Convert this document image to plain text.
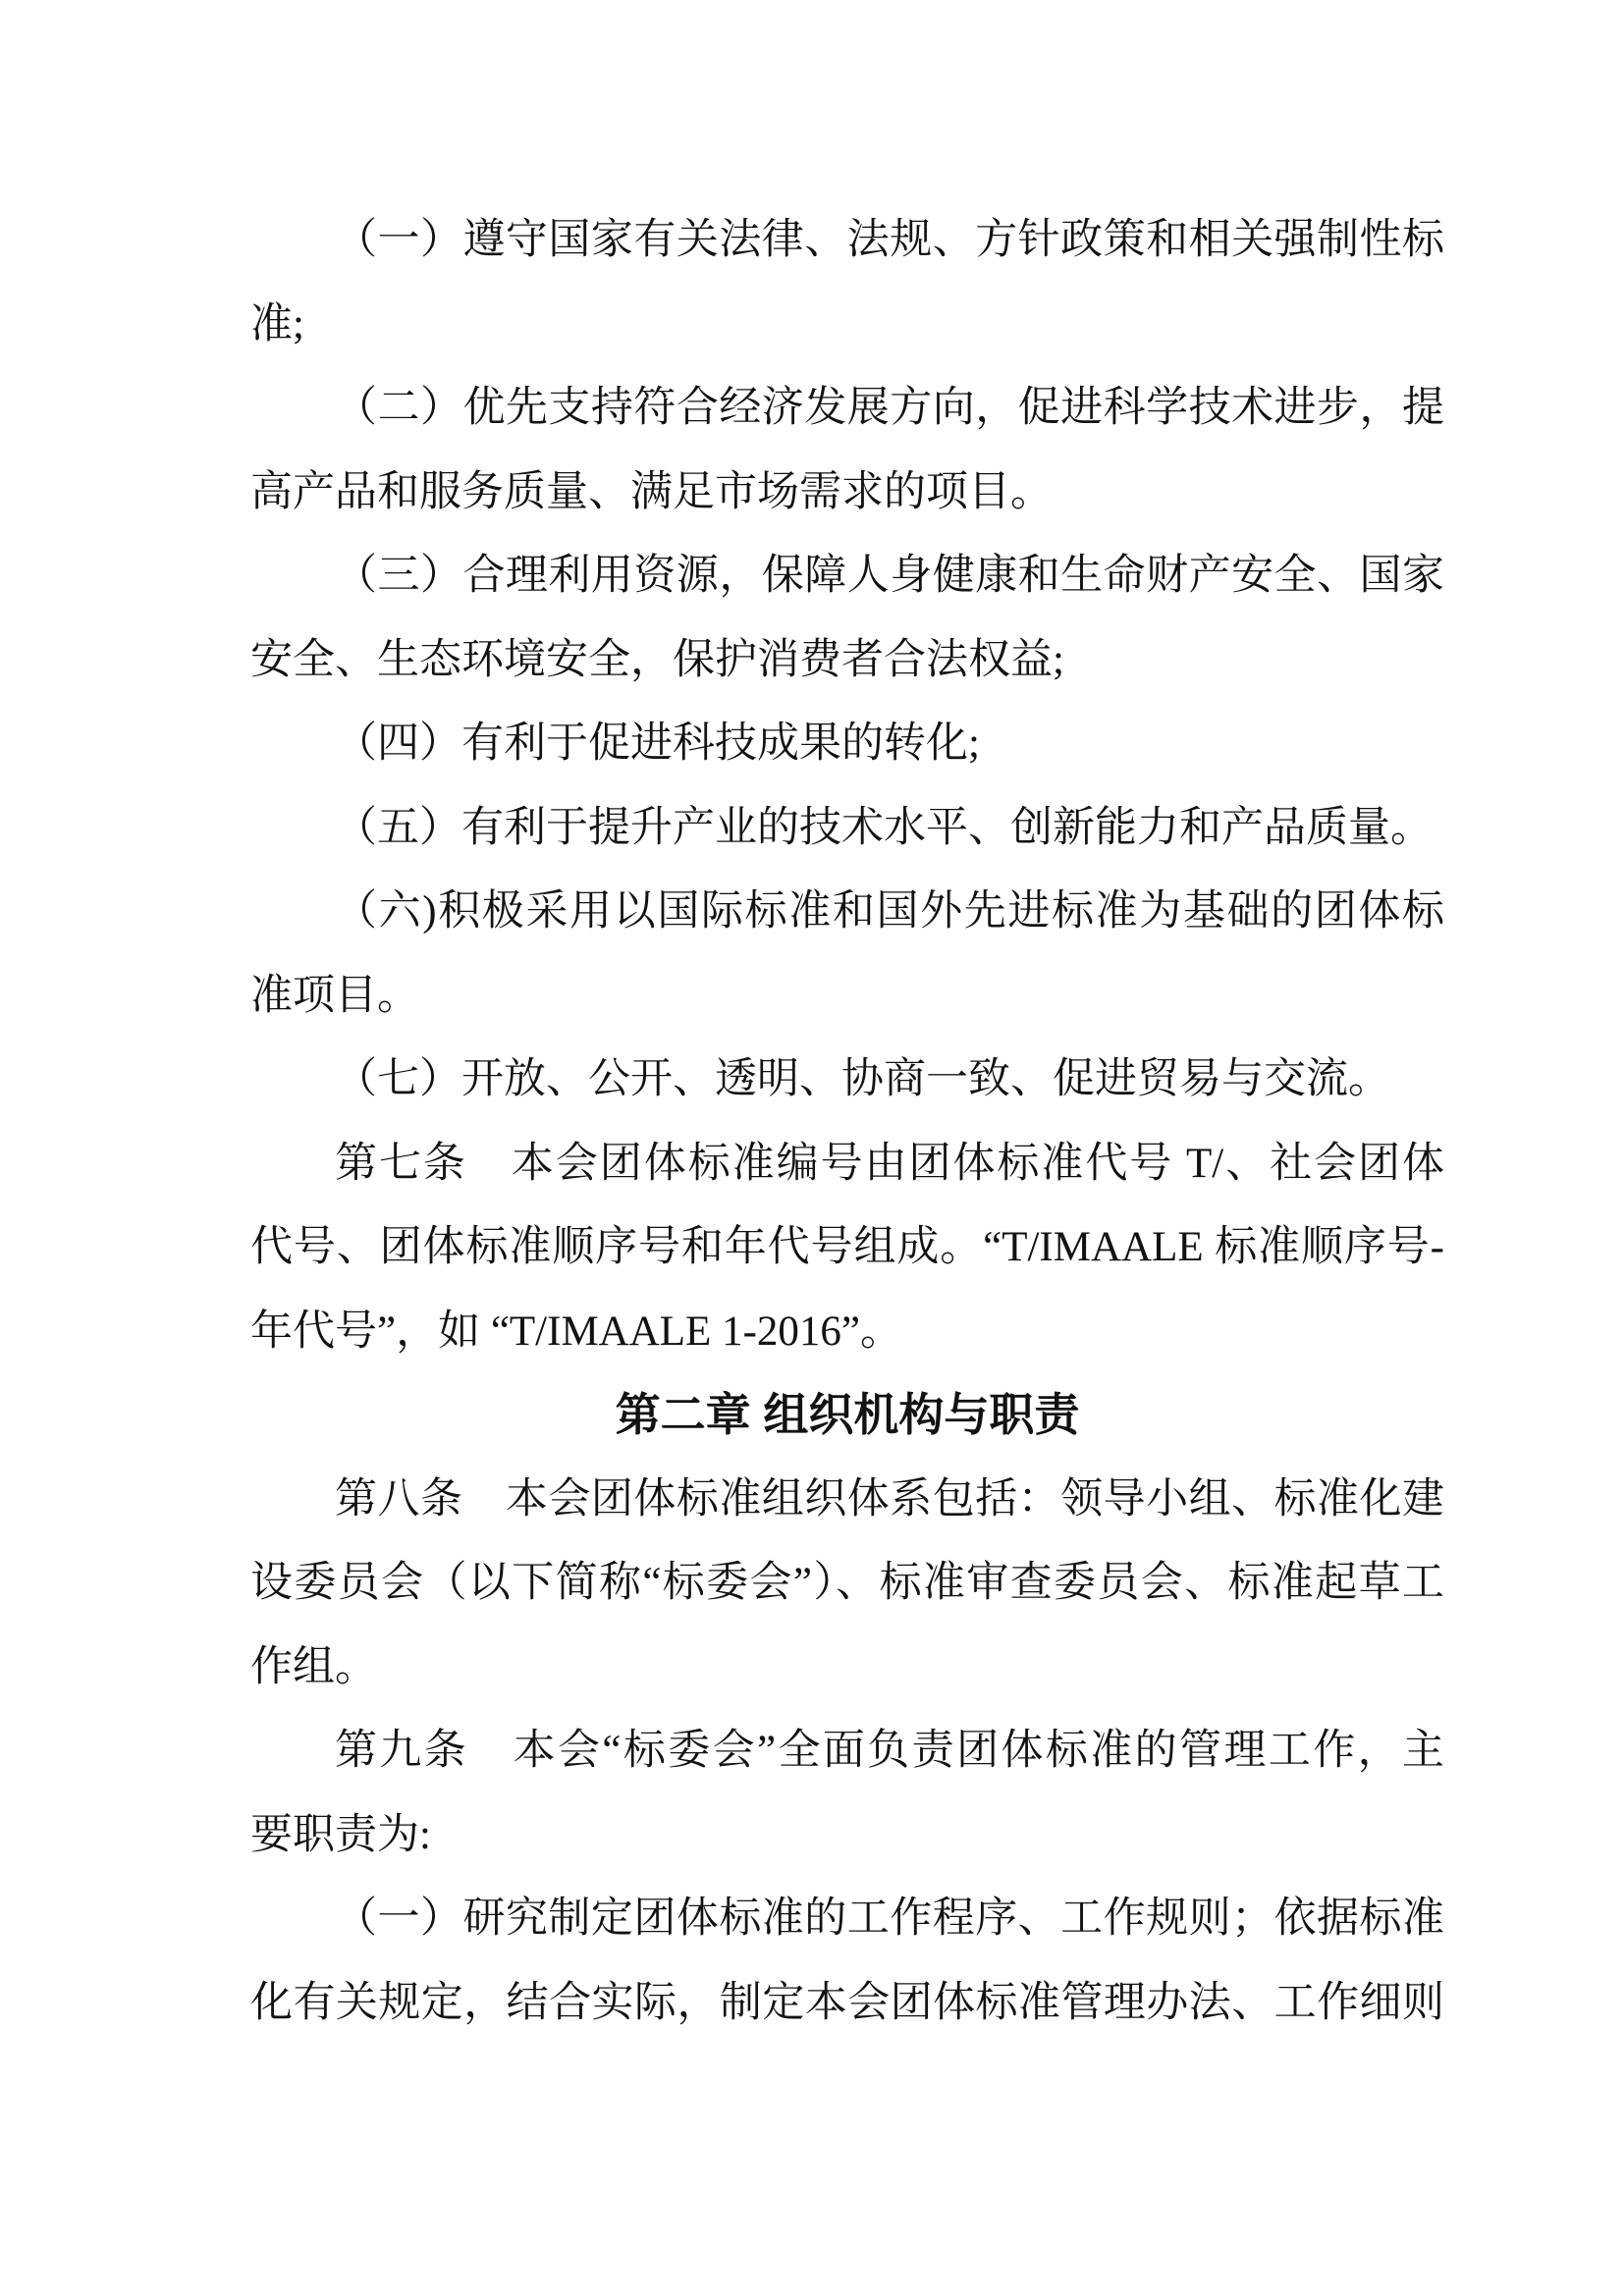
（一）遵守国家有关法律、法规、方针政策和相关强制性标
准;
（二）优先支持符合经济发展方向，促进科学技术进步，提
高产品和服务质量、满足市场需求的项目。
（三）合理利用资源，保障人身健康和生命财产安全、国家
安全、生态环境安全，保护消费者合法权益;
（四）有利于促进科技成果的转化;
（五）有利于提升产业的技术水平、创新能力和产品质量。
（六)积极采用以国际标准和国外先进标准为基础的团体标
准项目。
（七）开放、公开、透明、协商一致、促进贸易与交流。
第七条　本会团体标准编号由团体标准代号 T/、社会团体
代号、团体标准顺序号和年代号组成。“T/IMAALE 标准顺序号-
年代号”，如 “T/IMAALE 1-2016”。
第二章 组织机构与职责
第八条　本会团体标准组织体系包括：领导小组、标准化建
设委员会（以下简称“标委会”）、标准审查委员会、标准起草工
作组。
第九条　本会“标委会”全面负责团体标准的管理工作，主
要职责为:
（一）研究制定团体标准的工作程序、工作规则；依据标准
化有关规定，结合实际，制定本会团体标准管理办法、工作细则
